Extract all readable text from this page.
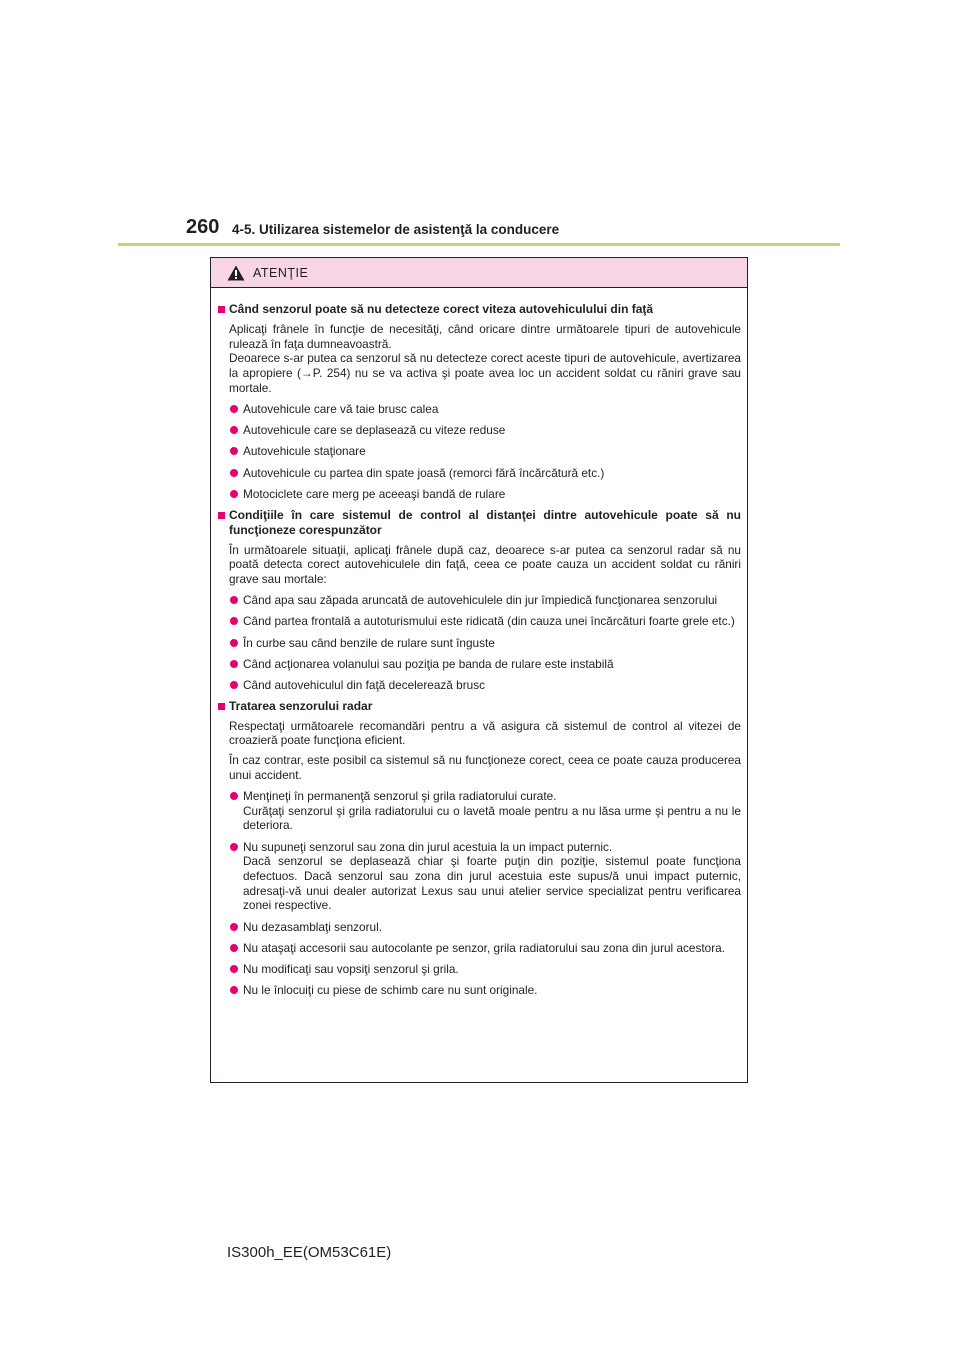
260 4-5. Utilizarea sistemelor de asistenţă la conducere
ATENŢIE
Când senzorul poate să nu detecteze corect viteza autovehiculului din faţă
Aplicaţi frânele în funcţie de necesităţi, când oricare dintre următoarele tipuri de autovehicule rulează în faţa dumneavoastră.
Deoarece s-ar putea ca senzorul să nu detecteze corect aceste tipuri de autovehicule, avertizarea la apropiere (→P. 254) nu se va activa şi poate avea loc un accident soldat cu răniri grave sau mortale.
Autovehicule care vă taie brusc calea
Autovehicule care se deplasează cu viteze reduse
Autovehicule staţionare
Autovehicule cu partea din spate joasă (remorci fără încărcătură etc.)
Motociclete care merg pe aceeaşi bandă de rulare
Condiţiile în care sistemul de control al distanţei dintre autovehicule poate să nu funcţioneze corespunzător
În următoarele situaţii, aplicaţi frânele după caz, deoarece s-ar putea ca senzorul radar să nu poată detecta corect autovehiculele din faţă, ceea ce poate cauza un accident soldat cu răniri grave sau mortale:
Când apa sau zăpada aruncată de autovehiculele din jur împiedică funcţionarea senzorului
Când partea frontală a autoturismului este ridicată (din cauza unei încărcături foarte grele etc.)
În curbe sau când benzile de rulare sunt înguste
Când acţionarea volanului sau poziţia pe banda de rulare este instabilă
Când autovehiculul din faţă decelerează brusc
Tratarea senzorului radar
Respectaţi următoarele recomandări pentru a vă asigura că sistemul de control al vitezei de croazieră poate funcţiona eficient.
În caz contrar, este posibil ca sistemul să nu funcţioneze corect, ceea ce poate cauza producerea unui accident.
Menţineţi în permanenţă senzorul şi grila radiatorului curate.
Curăţaţi senzorul şi grila radiatorului cu o lavetă moale pentru a nu lăsa urme şi pentru a nu le deteriora.
Nu supuneţi senzorul sau zona din jurul acestuia la un impact puternic.
Dacă senzorul se deplasează chiar şi foarte puţin din poziţie, sistemul poate funcţiona defectuos. Dacă senzorul sau zona din jurul acestuia este supus/ă unui impact puternic, adresaţi-vă unui dealer autorizat Lexus sau unui atelier service specializat pentru verificarea zonei respective.
Nu dezasamblaţi senzorul.
Nu ataşaţi accesorii sau autocolante pe senzor, grila radiatorului sau zona din jurul acestora.
Nu modificaţi sau vopsiţi senzorul şi grila.
Nu le înlocuiţi cu piese de schimb care nu sunt originale.
IS300h_EE(OM53C61E)
